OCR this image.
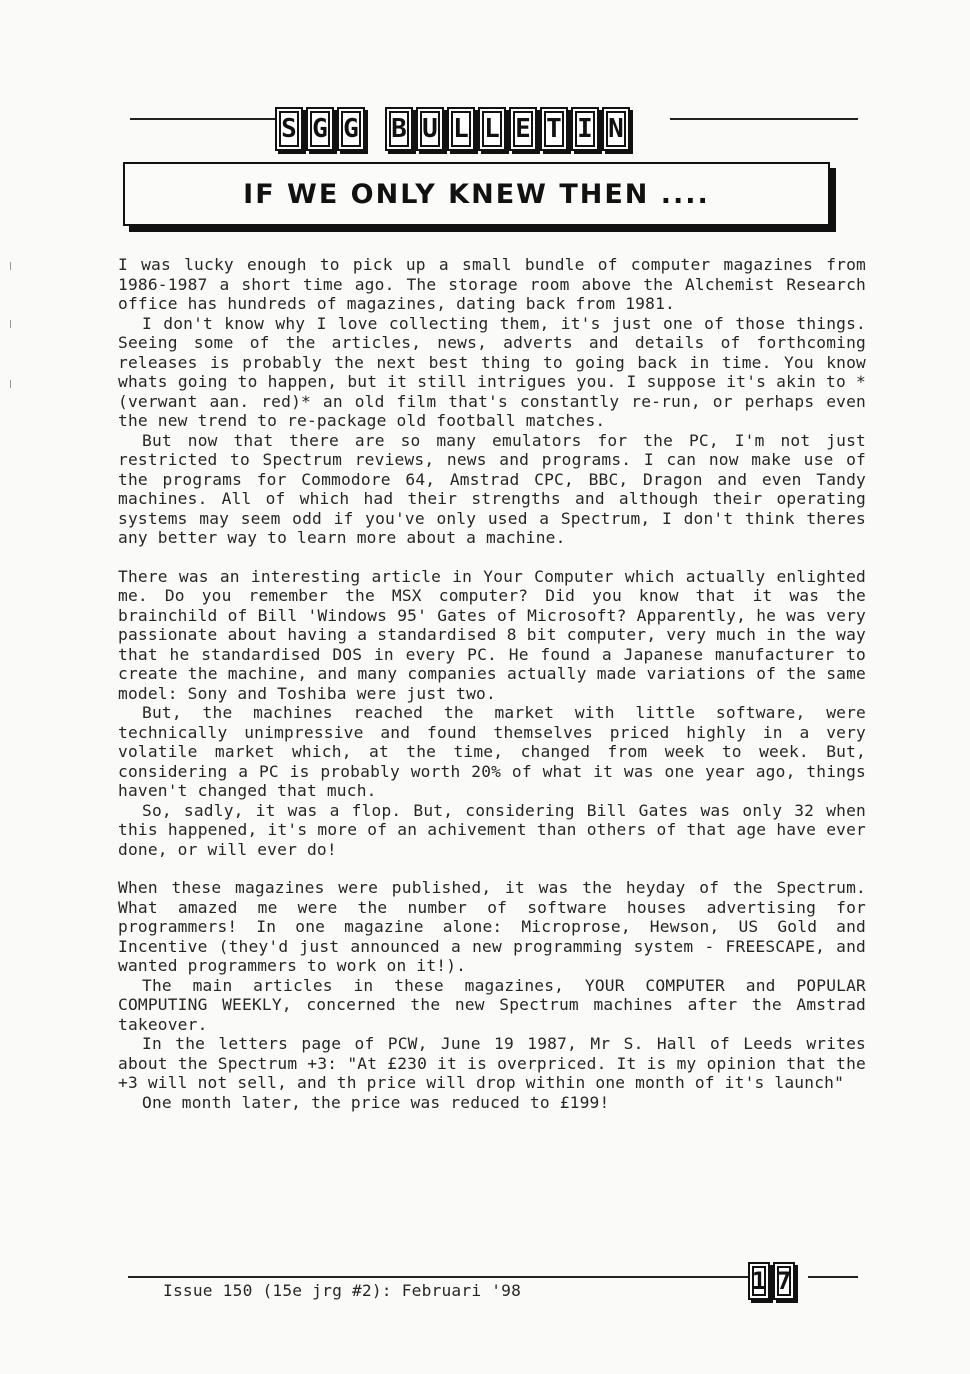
S G G B U L L E T I N
IF WE ONLY KNEW THEN ....

I was lucky enough to pick up a small bundle of computer magazines from 1986-1987 a short time ago. The storage room above the Alchemist Research office has hundreds of magazines, dating back from 1981.

I don't know why I love collecting them, it's just one of those things. Seeing some of the articles, news, adverts and details of forthcoming releases is probably the next best thing to going back in time. You know whats going to happen, but it still intrigues you. I suppose it's akin to *(verwant aan. red)* an old film that's constantly re-run, or perhaps even the new trend to re-package old football matches.

But now that there are so many emulators for the PC, I'm not just restricted to Spectrum reviews, news and programs. I can now make use of the programs for Commodore 64, Amstrad CPC, BBC, Dragon and even Tandy machines. All of which had their strengths and although their operating systems may seem odd if you've only used a Spectrum, I don't think theres any better way to learn more about a machine.

There was an interesting article in Your Computer which actually enlighted me. Do you remember the MSX computer? Did you know that it was the brainchild of Bill 'Windows 95' Gates of Microsoft? Apparently, he was very passionate about having a standardised 8 bit computer, very much in the way that he standardised DOS in every PC. He found a Japanese manufacturer to create the machine, and many companies actually made variations of the same model: Sony and Toshiba were just two.

But, the machines reached the market with little software, were technically unimpressive and found themselves priced highly in a very volatile market which, at the time, changed from week to week. But, considering a PC is probably worth 20% of what it was one year ago, things haven't changed that much.

So, sadly, it was a flop. But, considering Bill Gates was only 32 when this happened, it's more of an achivement than others of that age have ever done, or will ever do!

When these magazines were published, it was the heyday of the Spectrum. What amazed me were the number of software houses advertising for programmers! In one magazine alone: Microprose, Hewson, US Gold and Incentive (they'd just announced a new programming system - FREESCAPE, and wanted programmers to work on it!).

The main articles in these magazines, YOUR COMPUTER and POPULAR COMPUTING WEEKLY, concerned the new Spectrum machines after the Amstrad takeover.

In the letters page of PCW, June 19 1987, Mr S. Hall of Leeds writes about the Spectrum +3: "At £230 it is overpriced. It is my opinion that the +3 will not sell, and th price will drop within one month of it's launch"

One month later, the price was reduced to £199!

Issue 150 (15e jrg #2): Februari '98	1 7
